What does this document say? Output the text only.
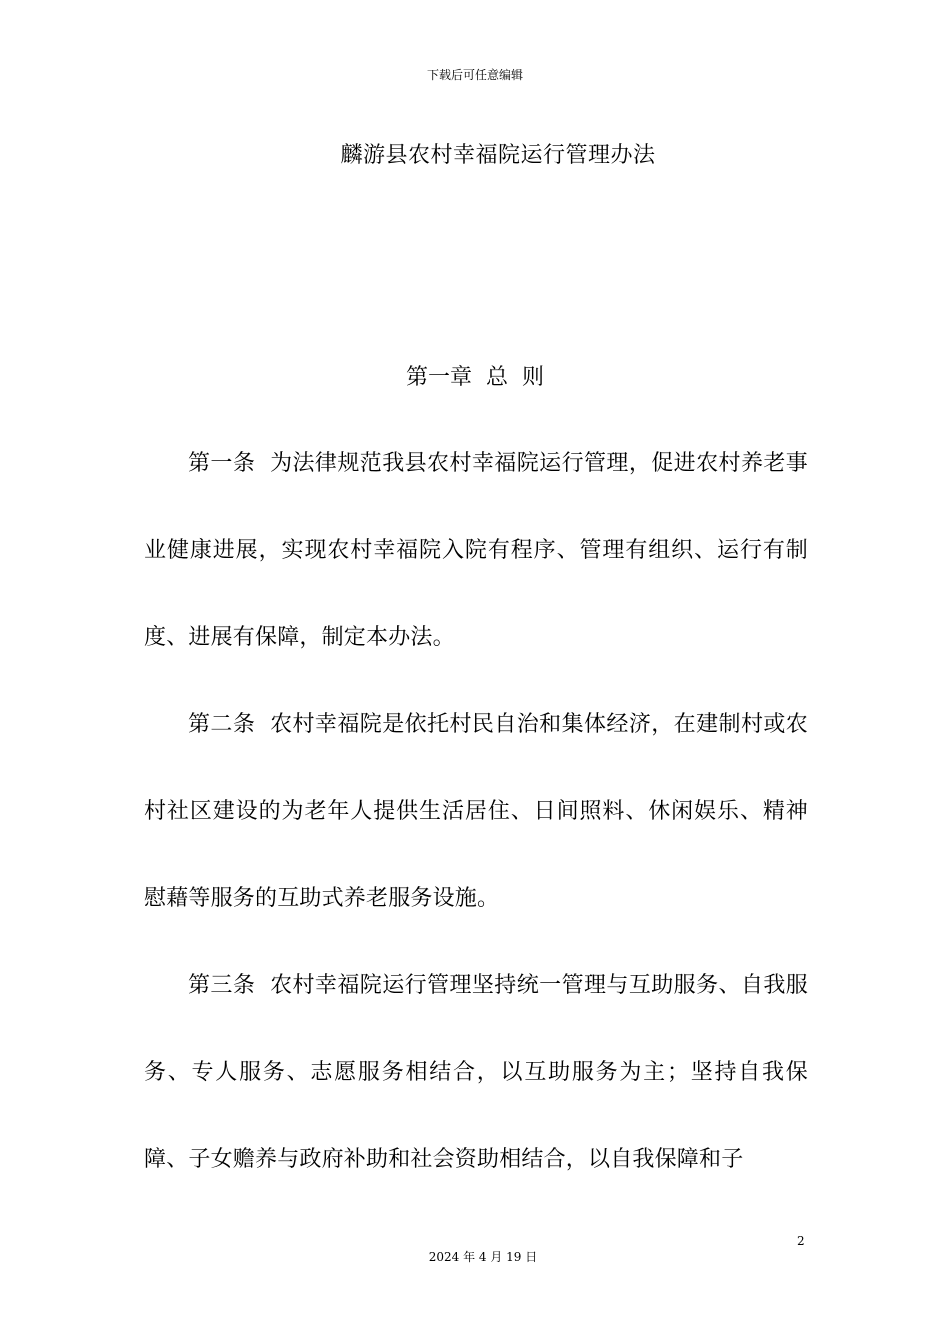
下载后可任意编辑
麟游县农村幸福院运行管理办法
第一章  总  则

第一条  为法律规范我县农村幸福院运行管理，促进农村养老事业健康进展，实现农村幸福院入院有程序、管理有组织、运行有制度、进展有保障，制定本办法。

第二条  农村幸福院是依托村民自治和集体经济，在建制村或农村社区建设的为老年人提供生活居住、日间照料、休闲娱乐、精神慰藉等服务的互助式养老服务设施。

第三条  农村幸福院运行管理坚持统一管理与互助服务、自我服务、专人服务、志愿服务相结合，以互助服务为主；坚持自我保障、子女赡养与政府补助和社会资助相结合，以自我保障和子

2
2024 年 4 月 19 日
